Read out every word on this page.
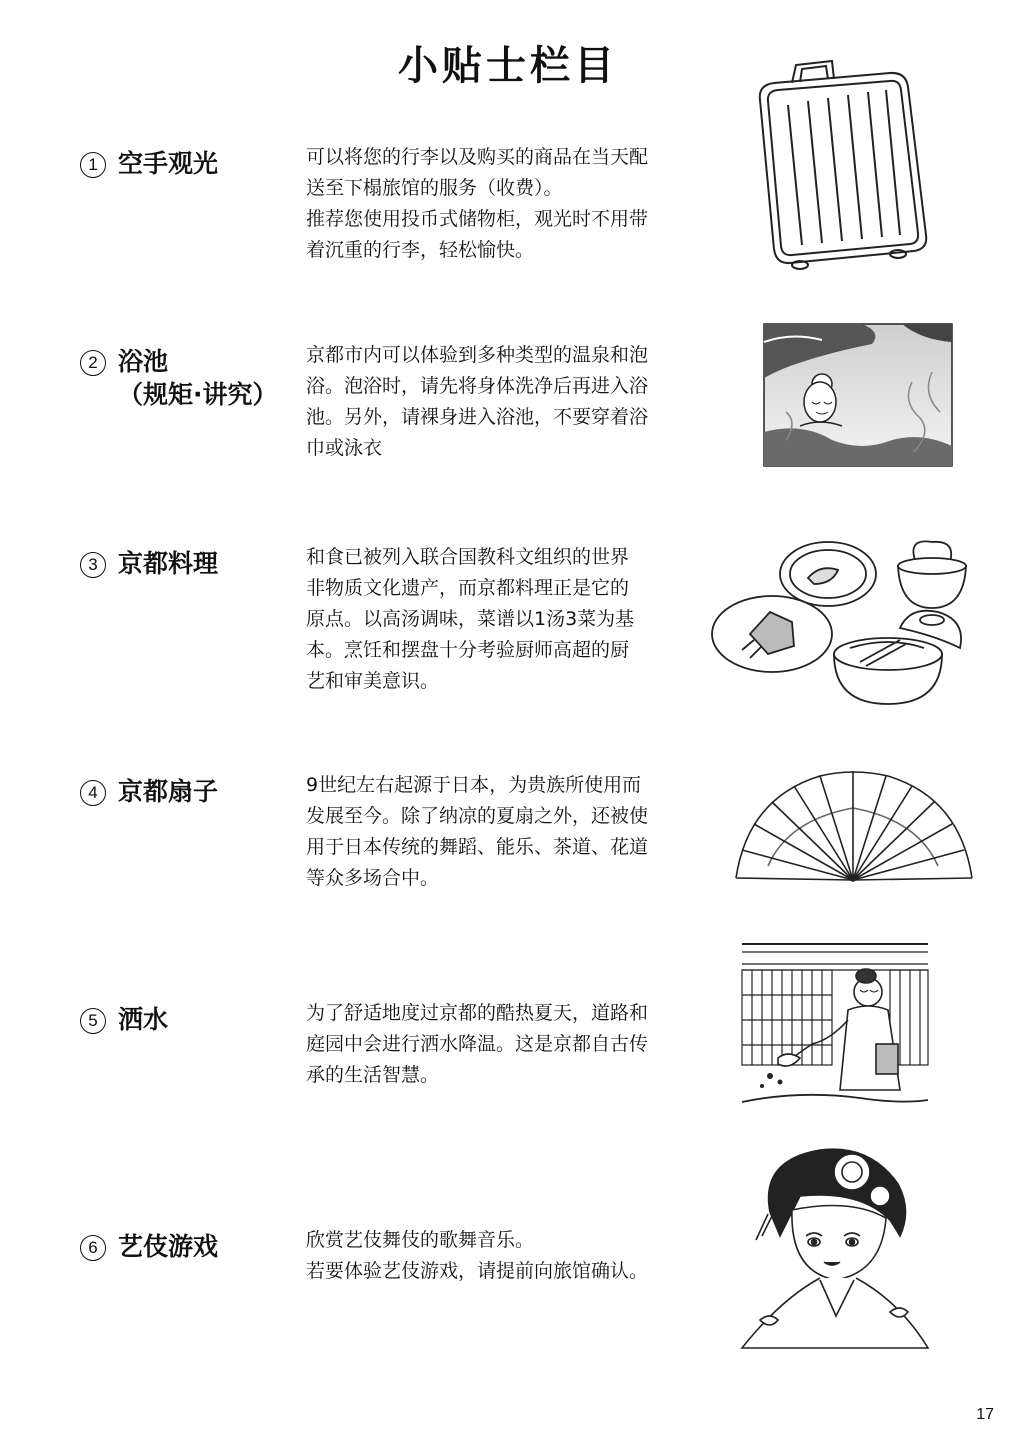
小贴士栏目
1 空手观光	可以将您的行李以及购买的商品在当天配
送至下榻旅馆的服务（收费）。
推荐您使用投币式储物柜，观光时不用带
着沉重的行李，轻松愉快。
2 浴池
（规矩·讲究）
京都市内可以体验到多种类型的温泉和泡
浴。泡浴时，请先将身体洗净后再进入浴
池。另外，请裸身进入浴池，不要穿着浴
巾或泳衣
3 京都料理	和食已被列入联合国教科文组织的世界
非物质文化遗产，而京都料理正是它的
原点。以高汤调味，菜谱以1汤3菜为基
本。烹饪和摆盘十分考验厨师高超的厨
艺和审美意识。
4 京都扇子	9世纪左右起源于日本，为贵族所使用而
发展至今。除了纳凉的夏扇之外，还被使
用于日本传统的舞蹈、能乐、茶道、花道
等众多场合中。
5 洒水	为了舒适地度过京都的酷热夏天，道路和
庭园中会进行洒水降温。这是京都自古传
承的生活智慧。
6 艺伎游戏	欣赏艺伎舞伎的歌舞音乐。
若要体验艺伎游戏，请提前向旅馆确认。
17
